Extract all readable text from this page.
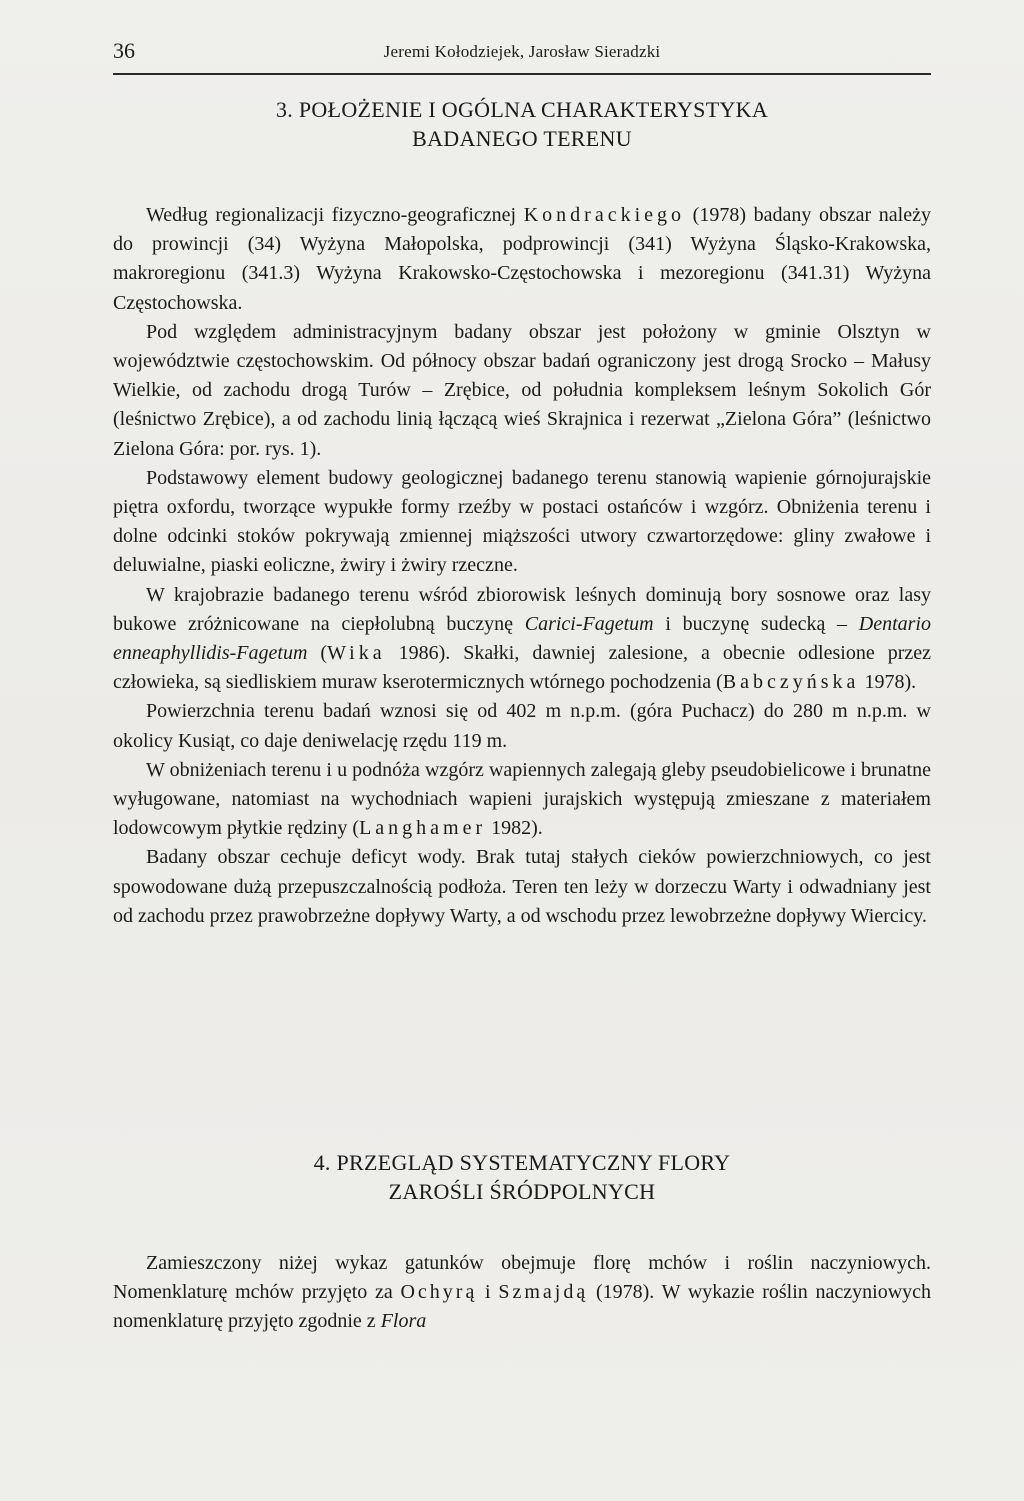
36	Jeremi Kołodziejek, Jarosław Sieradzki
3. POŁOŻENIE I OGÓLNA CHARAKTERYSTYKA
BADANEGO TERENU

Według regionalizacji fizyczno-geograficznej Kondrackiego (1978) badany obszar należy do prowincji (34) Wyżyna Małopolska, podprowincji (341) Wyżyna Śląsko-Krakowska, makroregionu (341.3) Wyżyna Krakowsko-Częstochowska i mezoregionu (341.31) Wyżyna Częstochowska.

Pod względem administracyjnym badany obszar jest położony w gminie Olsztyn w województwie częstochowskim. Od północy obszar badań ograniczony jest drogą Srocko – Małusy Wielkie, od zachodu drogą Turów – Zrębice, od południa kompleksem leśnym Sokolich Gór (leśnictwo Zrębice), a od zachodu linią łączącą wieś Skrajnica i rezerwat „Zielona Góra” (leśnictwo Zielona Góra: por. rys. 1).

Podstawowy element budowy geologicznej badanego terenu stanowią wapienie górnojurajskie piętra oxfordu, tworzące wypukłe formy rzeźby w postaci ostańców i wzgórz. Obniżenia terenu i dolne odcinki stoków pokrywają zmiennej miąższości utwory czwartorzędowe: gliny zwałowe i deluwialne, piaski eoliczne, żwiry i żwiry rzeczne.

W krajobrazie badanego terenu wśród zbiorowisk leśnych dominują bory sosnowe oraz lasy bukowe zróżnicowane na ciepłolubną buczynę Carici-Fagetum i buczynę sudecką – Dentario enneaphyllidis-Fagetum (Wika 1986). Skałki, dawniej zalesione, a obecnie odlesione przez człowieka, są siedliskiem muraw kserotermicznych wtórnego pochodzenia (Babczyńska 1978).

Powierzchnia terenu badań wznosi się od 402 m n.p.m. (góra Puchacz) do 280 m n.p.m. w okolicy Kusiąt, co daje deniwelację rzędu 119 m.

W obniżeniach terenu i u podnóża wzgórz wapiennych zalegają gleby pseudobielicowe i brunatne wyługowane, natomiast na wychodniach wapieni jurajskich występują zmieszane z materiałem lodowcowym płytkie rędziny (Langhamer 1982).

Badany obszar cechuje deficyt wody. Brak tutaj stałych cieków powierzchniowych, co jest spowodowane dużą przepuszczalnością podłoża. Teren ten leży w dorzeczu Warty i odwadniany jest od zachodu przez prawobrzeżne dopływy Warty, a od wschodu przez lewobrzeżne dopływy Wiercicy.

4. PRZEGLĄD SYSTEMATYCZNY FLORY
ZAROŚLI ŚRÓDPOLNYCH

Zamieszczony niżej wykaz gatunków obejmuje florę mchów i roślin naczyniowych. Nomenklaturę mchów przyjęto za Ochyrą i Szmajdą (1978). W wykazie roślin naczyniowych nomenklaturę przyjęto zgodnie z Flora
